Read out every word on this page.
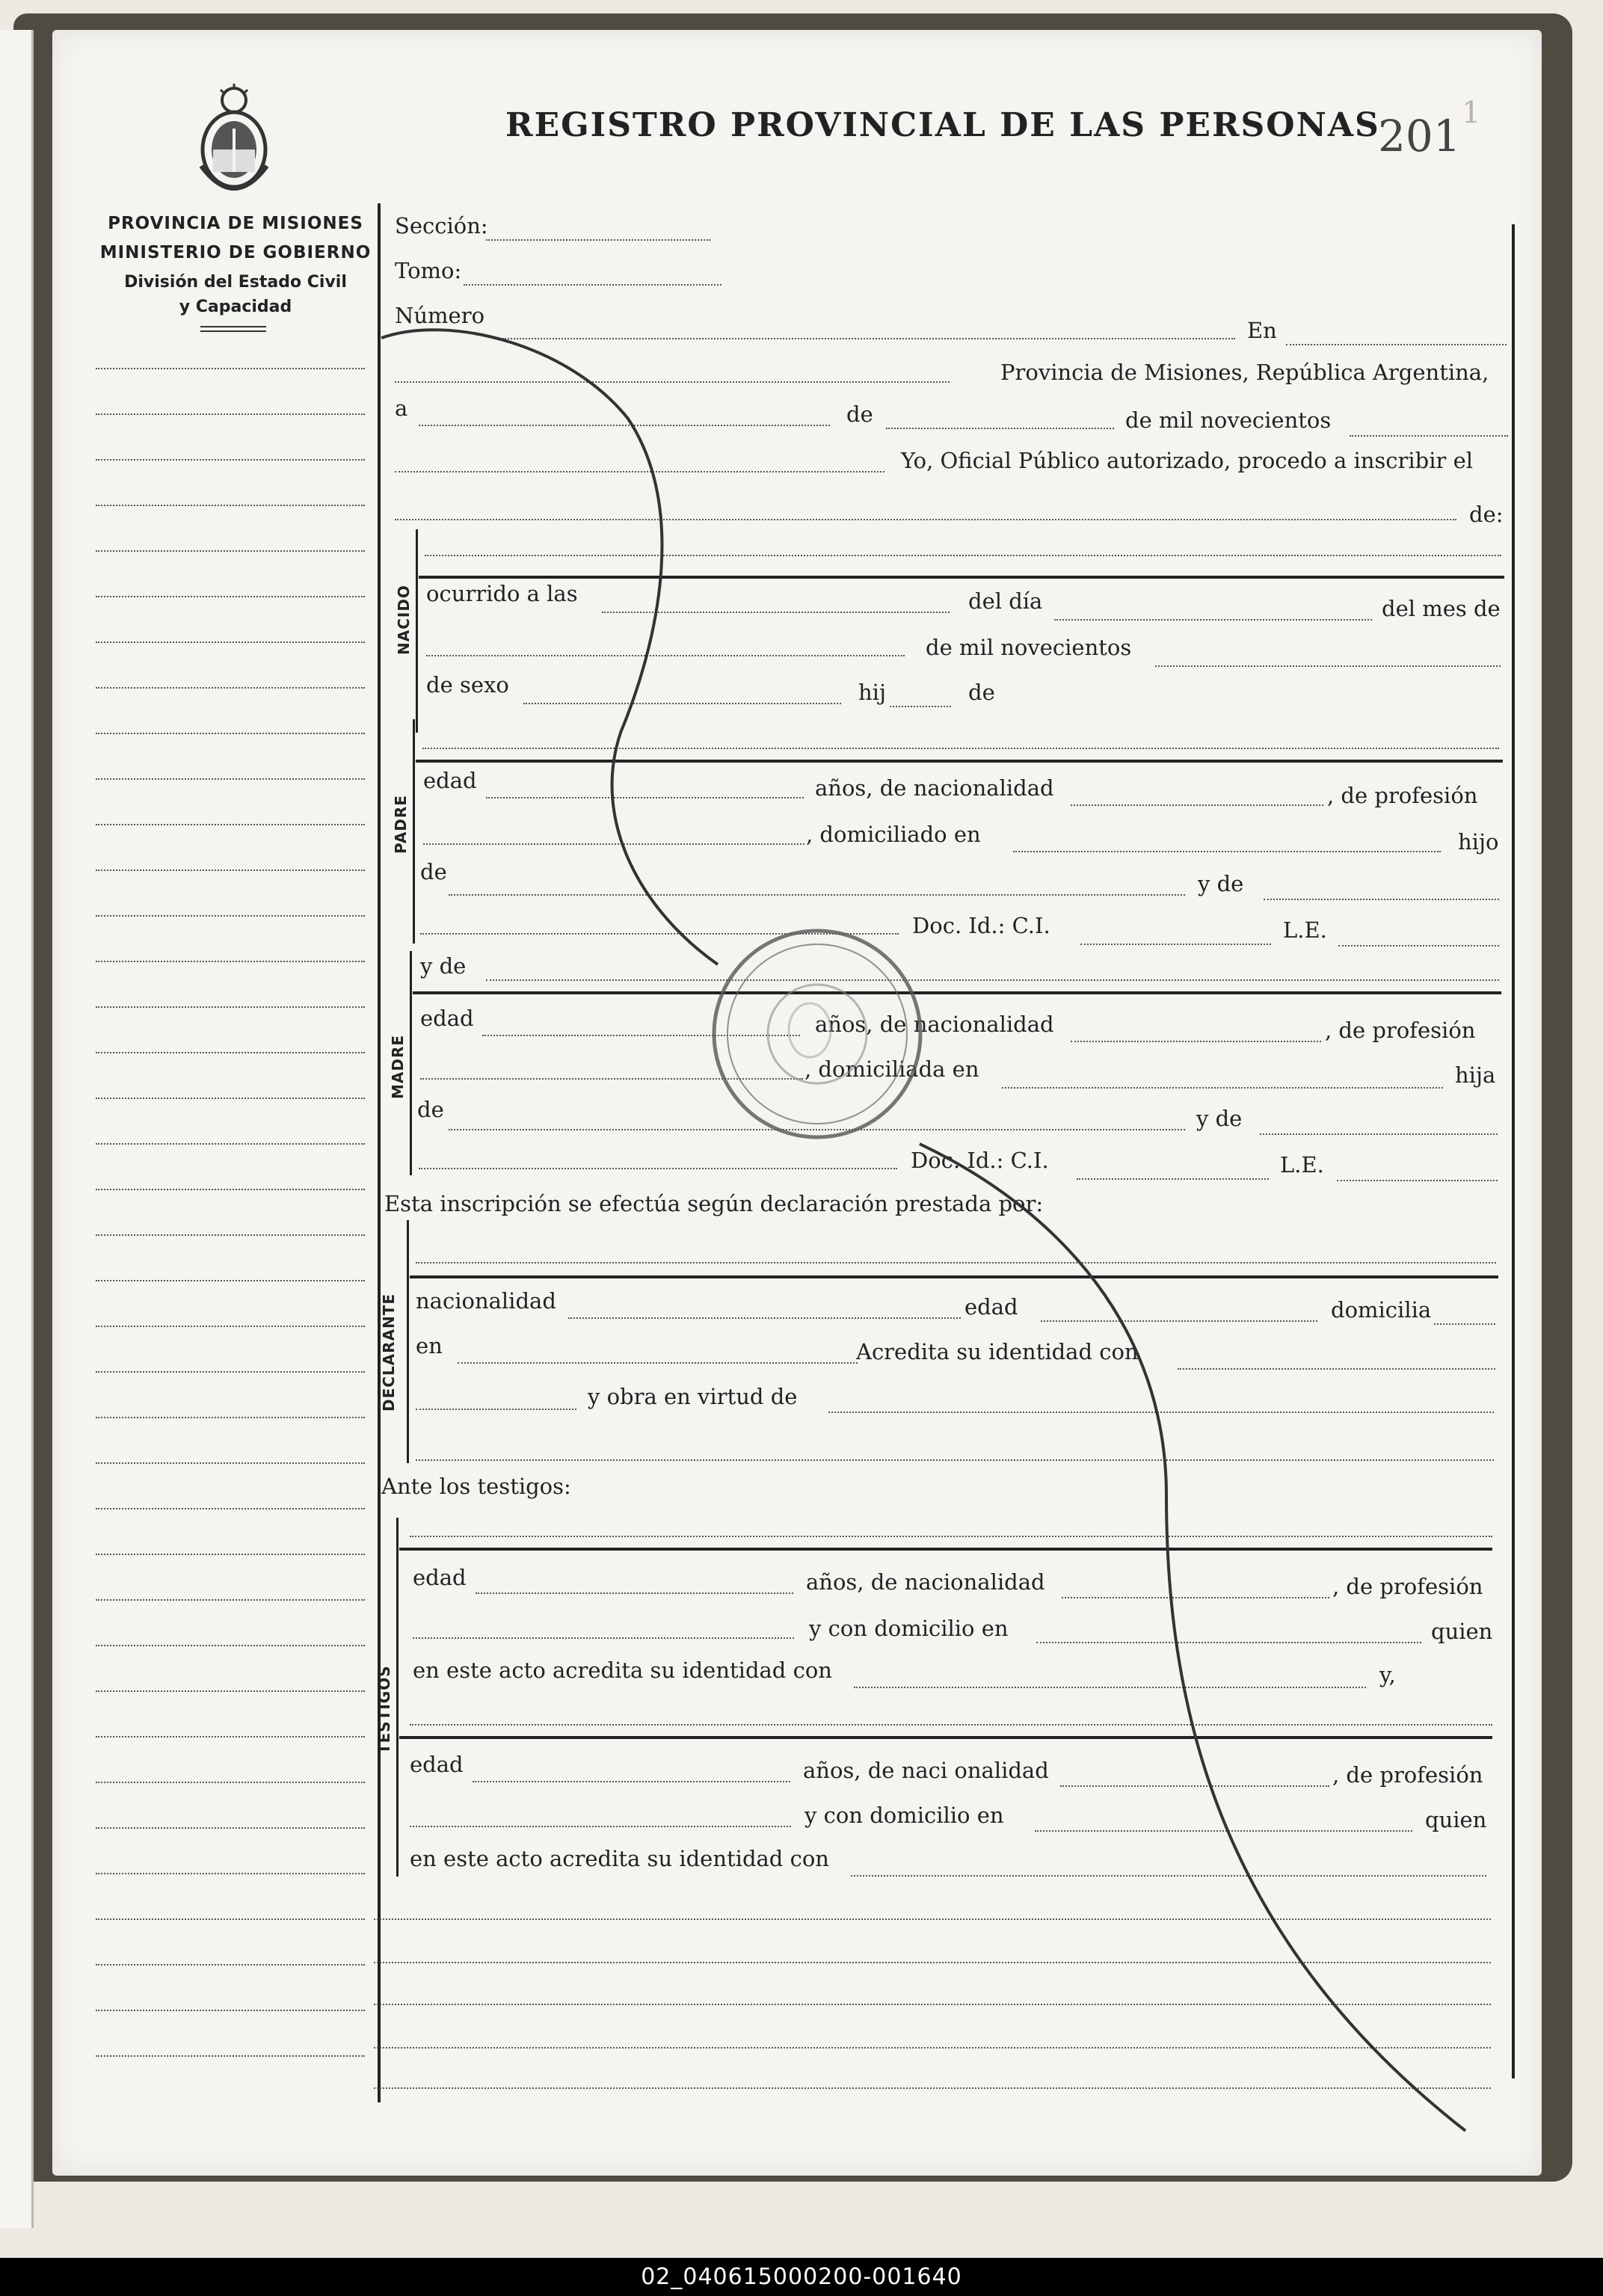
PROVINCIA DE MISIONES
MINISTERIO DE GOBIERNO
División del Estado Civil
y Capacidad
REGISTRO PROVINCIAL DE LAS PERSONAS
201 1
Sección:
Tomo:
Número
En
Provincia de Misiones, República Argentina,
a	de	de mil novecientos
Yo, Oficial Público autorizado, procedo a inscribir el
de:
NACIDO ocurrido a las	del día	del mes de
de mil novecientos
de sexo	hij	de
PADRE
edad	años, de nacionalidad	, de profesión
, domiciliado en	hijo
de	y de
Doc. Id.: C.I.	L.E.
MADRE
y de
edad	años, de nacionalidad	, de profesión
, domiciliada en	hija
de	y de
Doc. Id.: C.I.	L.E.
Esta inscripción se efectúa según declaración prestada por:
DECLARANTE nacionalidad	edad	domicilia
en	Acredita su identidad con
y obra en virtud de
Ante los testigos:
TESTIGOS
edad	años, de nacionalidad	, de profesión
y con domicilio en	quien
en este acto acredita su identidad con	y,
edad	años, de naci onalidad	, de profesión
y con domicilio en	quien
en este acto acredita su identidad con
02_040615000200-001640
